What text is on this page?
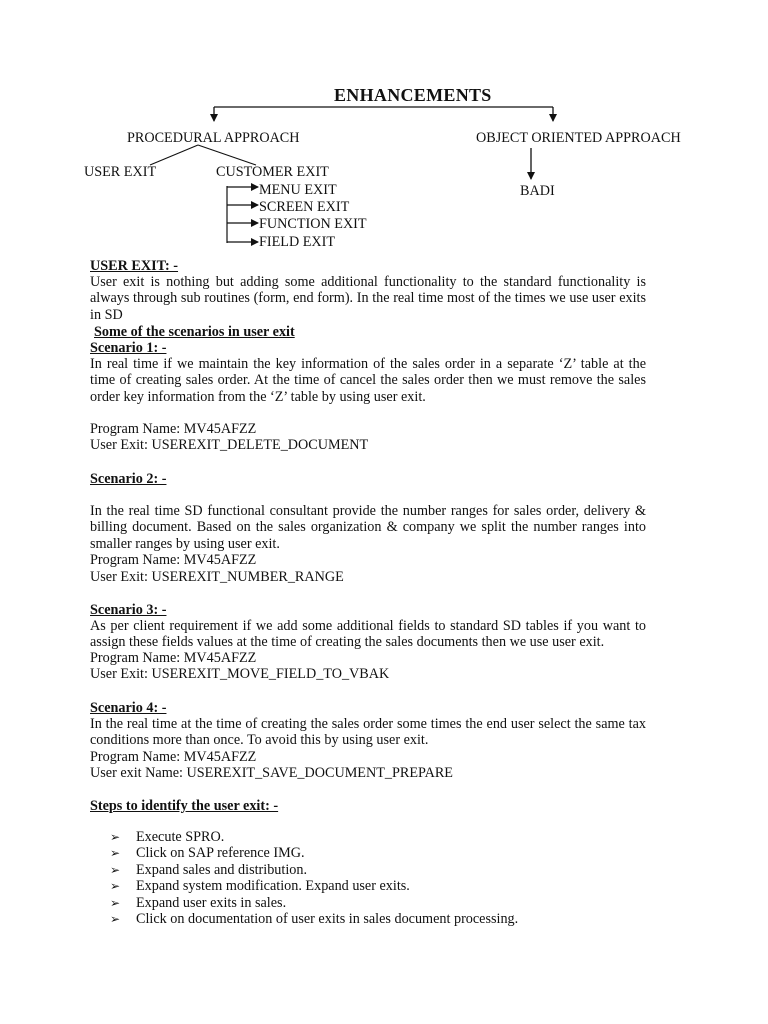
ENHANCEMENTS
PROCEDURAL APPROACH	OBJECT ORIENTED APPROACH
USER EXIT	CUSTOMER EXIT
BADI
MENU EXIT
SCREEN EXIT
FUNCTION EXIT
FIELD EXIT
USER EXIT: -
User exit is nothing but adding some additional functionality to the standard functionality is always through sub routines (form, end form). In the real time most of the times we use user exits in SD
Some of the scenarios in user exit
Scenario 1: -
In real time if we maintain the key information of the sales order in a separate ‘Z’ table at the time of creating sales order. At the time of cancel the sales order then we must remove the sales order key information from the ‘Z’ table by using user exit.
Program Name: MV45AFZZ
User Exit: USEREXIT_DELETE_DOCUMENT
Scenario 2: -
In the real time SD functional consultant provide the number ranges for sales order, delivery & billing document. Based on the sales organization & company we split the number ranges into smaller ranges by using user exit.
Program Name: MV45AFZZ
User Exit: USEREXIT_NUMBER_RANGE
Scenario 3: -
As per client requirement if we add some additional fields to standard SD tables if you want to assign these fields values at the time of creating the sales documents then we use user exit.
Program Name: MV45AFZZ
User Exit: USEREXIT_MOVE_FIELD_TO_VBAK
Scenario 4: -
In the real time at the time of creating the sales order some times the end user select the same tax conditions more than once. To avoid this by using user exit.
Program Name: MV45AFZZ
User exit Name: USEREXIT_SAVE_DOCUMENT_PREPARE
Steps to identify the user exit: -
➢ Execute SPRO.
➢ Click on SAP reference IMG.
➢ Expand sales and distribution.
➢ Expand system modification. Expand user exits.
➢ Expand user exits in sales.
➢ Click on documentation of user exits in sales document processing.
